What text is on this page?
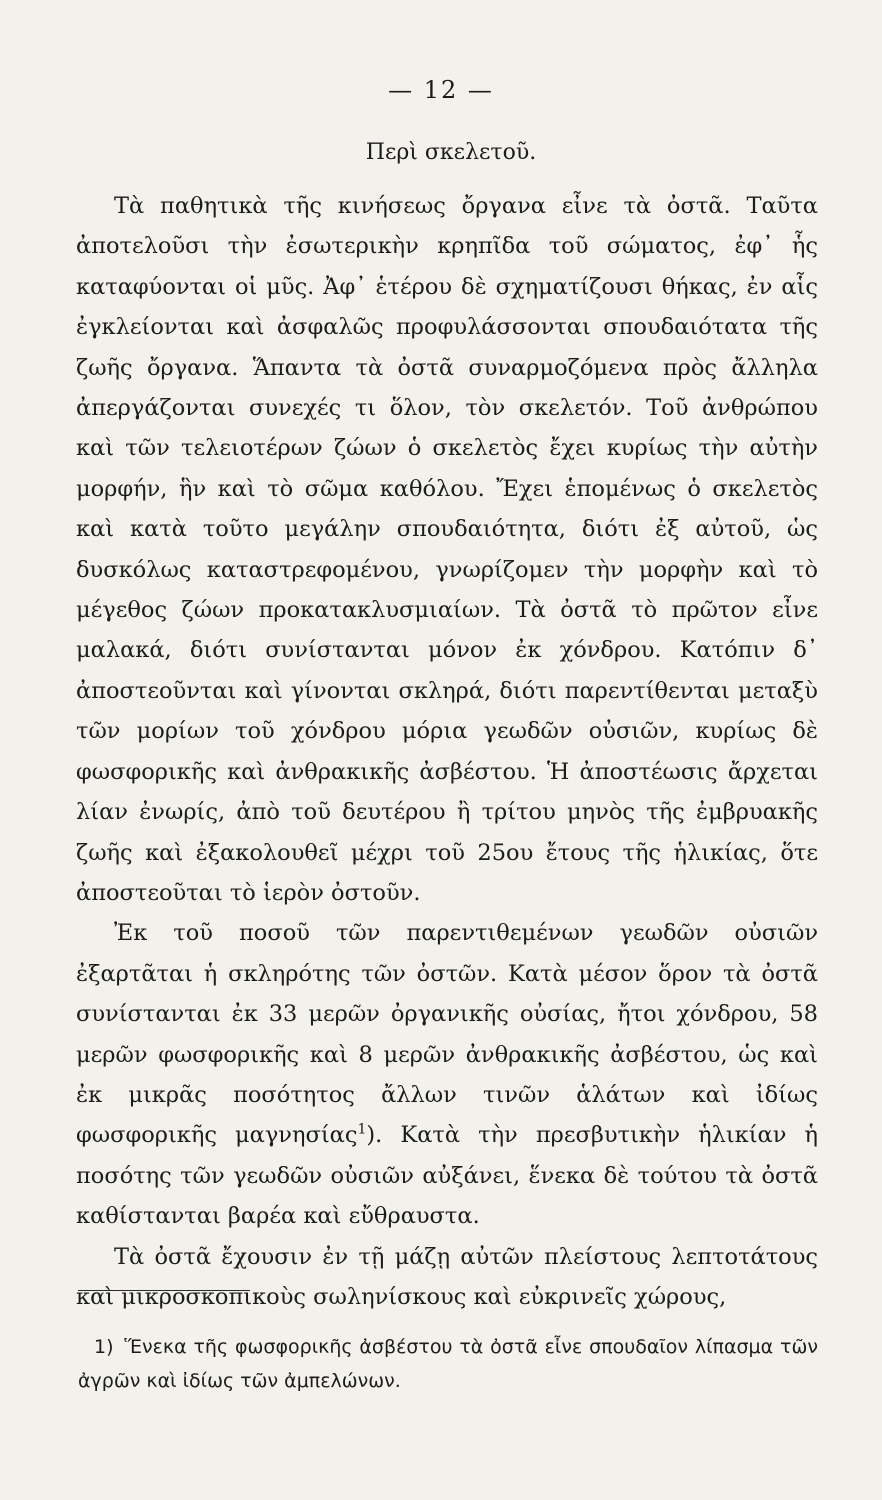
— 12 —
Περὶ σκελετοῦ.

Τὰ παθητικὰ τῆς κινήσεως ὄργανα εἶνε τὰ ὀστᾶ. Ταῦτα ἀποτελοῦσι τὴν ἐσωτερικὴν κρηπῖδα τοῦ σώματος, ἐφ᾽ ἧς καταφύονται οἱ μῦς. Ἀφ᾽ ἑτέρου δὲ σχηματίζουσι θήκας, ἐν αἷς ἐγκλείονται καὶ ἀσφαλῶς προφυλάσσονται σπουδαιότατα τῆς ζωῆς ὄργανα. Ἅπαντα τὰ ὀστᾶ συναρμοζόμενα πρὸς ἄλληλα ἀπεργάζονται συνεχές τι ὅλον, τὸν σκελετόν. Τοῦ ἀνθρώπου καὶ τῶν τελειοτέρων ζώων ὁ σκελετὸς ἔχει κυρίως τὴν αὐτὴν μορφήν, ἣν καὶ τὸ σῶμα καθόλου. Ἔχει ἑπομένως ὁ σκελετὸς καὶ κατὰ τοῦτο μεγάλην σπουδαιότητα, διότι ἐξ αὐτοῦ, ὡς δυσκόλως καταστρεφομένου, γνωρίζομεν τὴν μορφὴν καὶ τὸ μέγεθος ζώων προκατακλυσμιαίων. Τὰ ὀστᾶ τὸ πρῶτον εἶνε μαλακά, διότι συνίστανται μόνον ἐκ χόνδρου. Κατόπιν δ᾽ ἀποστεοῦνται καὶ γίνονται σκληρά, διότι παρεντίθενται μεταξὺ τῶν μορίων τοῦ χόνδρου μόρια γεωδῶν οὐσιῶν, κυρίως δὲ φωσφορικῆς καὶ ἀνθρακικῆς ἀσβέστου. Ἡ ἀποστέωσις ἄρχεται λίαν ἐνωρίς, ἀπὸ τοῦ δευτέρου ἢ τρίτου μηνὸς τῆς ἐμβρυακῆς ζωῆς καὶ ἐξακολουθεῖ μέχρι τοῦ 25ου ἔτους τῆς ἡλικίας, ὅτε ἀποστεοῦται τὸ ἱερὸν ὀστοῦν.

Ἐκ τοῦ ποσοῦ τῶν παρεντιθεμένων γεωδῶν οὐσιῶν ἐξαρτᾶται ἡ σκληρότης τῶν ὀστῶν. Κατὰ μέσον ὅρον τὰ ὀστᾶ συνίστανται ἐκ 33 μερῶν ὀργανικῆς οὐσίας, ἤτοι χόνδρου, 58 μερῶν φωσφορικῆς καὶ 8 μερῶν ἀνθρακικῆς ἀσβέστου, ὡς καὶ ἐκ μικρᾶς ποσότητος ἄλλων τινῶν ἁλάτων καὶ ἰδίως φωσφορικῆς μαγνησίας$^1$). Κατὰ τὴν πρεσβυτικὴν ἡλικίαν ἡ ποσότης τῶν γεωδῶν οὐσιῶν αὐξάνει, ἕνεκα δὲ τούτου τὰ ὀστᾶ καθίστανται βαρέα καὶ εὔθραυστα.

Τὰ ὀστᾶ ἔχουσιν ἐν τῇ μάζῃ αὐτῶν πλείστους λεπτοτάτους καὶ μικροσκοπικοὺς σωληνίσκους καὶ εὐκρινεῖς χώρους,

1) Ἕνεκα τῆς φωσφορικῆς ἀσβέστου τὰ ὀστᾶ εἶνε σπουδαῖον λίπασμα τῶν ἀγρῶν καὶ ἰδίως τῶν ἀμπελώνων.
